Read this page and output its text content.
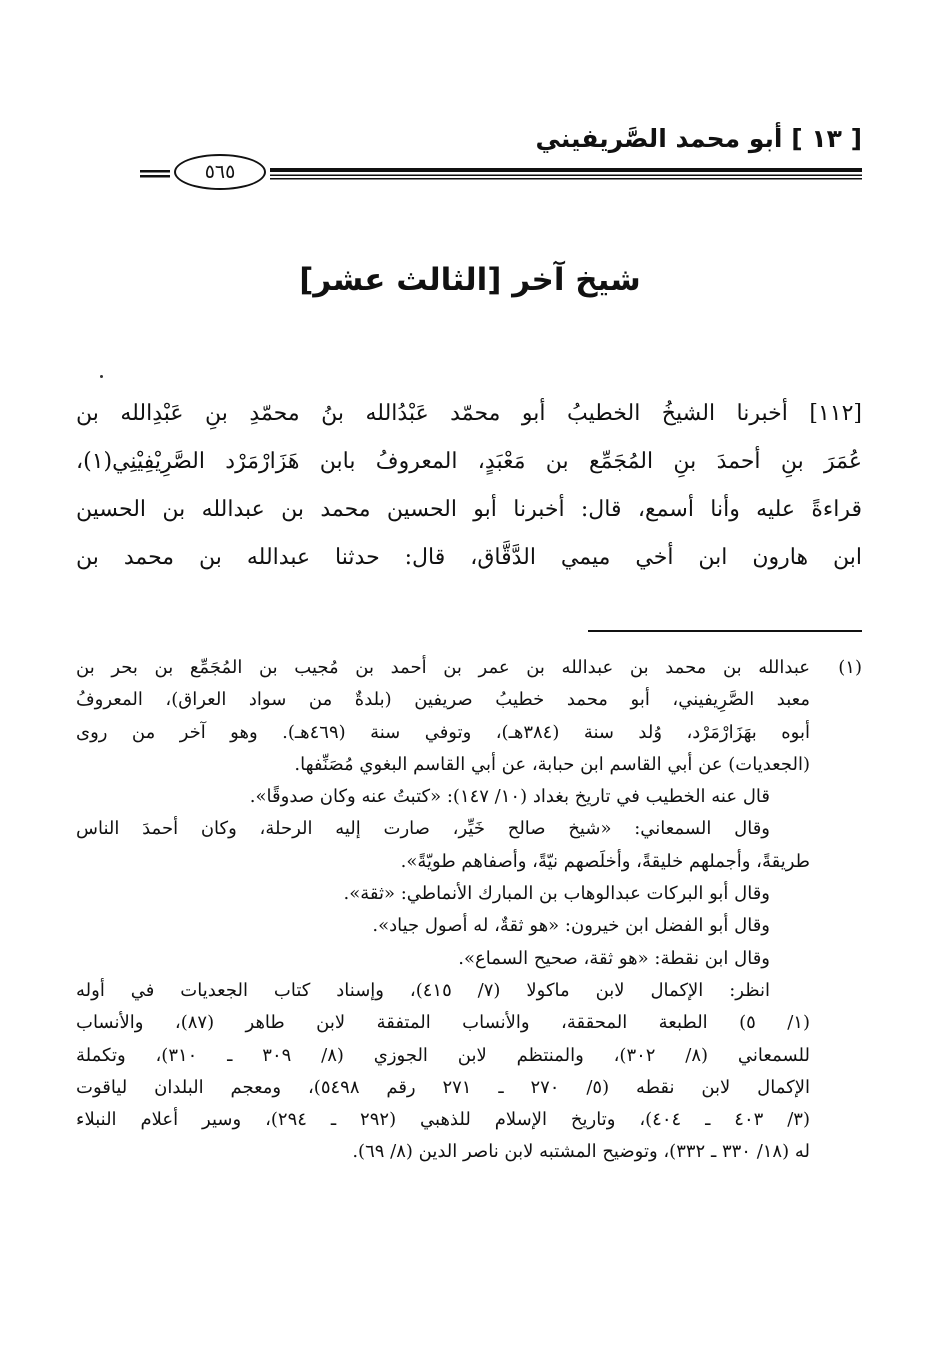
[ ١٣ ] أبو محمد الصَّريفيني
٥٦٥
شيخ آخر [الثالث عشر]
[١١٢] أخبرنا الشيخُ الخطيبُ أبو محمّد عَبْدُالله بنُ محمّدِ بنِ عَبْدِالله بن
عُمَرَ بنِ أحمدَ بنِ المُجَمِّع بن مَعْبَدٍ، المعروفُ بابن هَزَارْمَرْد الصَّرِيْفِيْنِي(١)،
قراءةً عليه وأنا أسمع، قال: أخبرنا أبو الحسين محمد بن عبدالله بن الحسين
ابن هارون ابن أخي ميمي الدَّقَّاق، قال: حدثنا عبدالله بن محمد بن
(١)
عبدالله بن محمد بن عبدالله بن عمر بن أحمد بن مُجيب بن المُجَمِّع بن بحر بن
معبد الصَّرِيفيني، أبو محمد خطيبُ صريفين (بلدةٌ من سواد العراق)، المعروفُ
أبوه بهَزَارْمَرْد، وُلد سنة (٣٨٤هـ)، وتوفي سنة (٤٦٩هـ). وهو آخر من روى
(الجعديات) عن أبي القاسم ابن حبابة، عن أبي القاسم البغوي مُصَنِّفها.
قال عنه الخطيب في تاريخ بغداد (١٠/ ١٤٧): «كتبتُ عنه وكان صدوقًا».
وقال السمعاني: «شيخ صالح خَيِّر، صارت إليه الرحلة، وكان أحمدَ الناس
طريقةً، وأجملهم خليقةً، وأخلَصهم نيّةً، وأصفاهم طويّةً».
وقال أبو البركات عبدالوهاب بن المبارك الأنماطي: «ثقة».
وقال أبو الفضل ابن خيرون: «هو ثقةٌ، له أصول جياد».
وقال ابن نقطة: «هو ثقة، صحيح السماع».
انظر: الإكمال لابن ماكولا (٧/ ٤١٥)، وإسناد كتاب الجعديات في أوله
(١/ ٥) الطبعة المحققة، والأنساب المتفقة لابن طاهر (٨٧)، والأنساب
للسمعاني (٨/ ٣٠٢)، والمنتظم لابن الجوزي (٨/ ٣٠٩ ـ ٣١٠)، وتكملة
الإكمال لابن نقطه (٥/ ٢٧٠ ـ ٢٧١ رقم ٥٤٩٨)، ومعجم البلدان لياقوت
(٣/ ٤٠٣ ـ ٤٠٤)، وتاريخ الإسلام للذهبي (٢٩٢ ـ ٢٩٤)، وسير أعلام النبلاء
له (١٨/ ٣٣٠ ـ ٣٣٢)، وتوضيح المشتبه لابن ناصر الدين (٨/ ٦٩).
